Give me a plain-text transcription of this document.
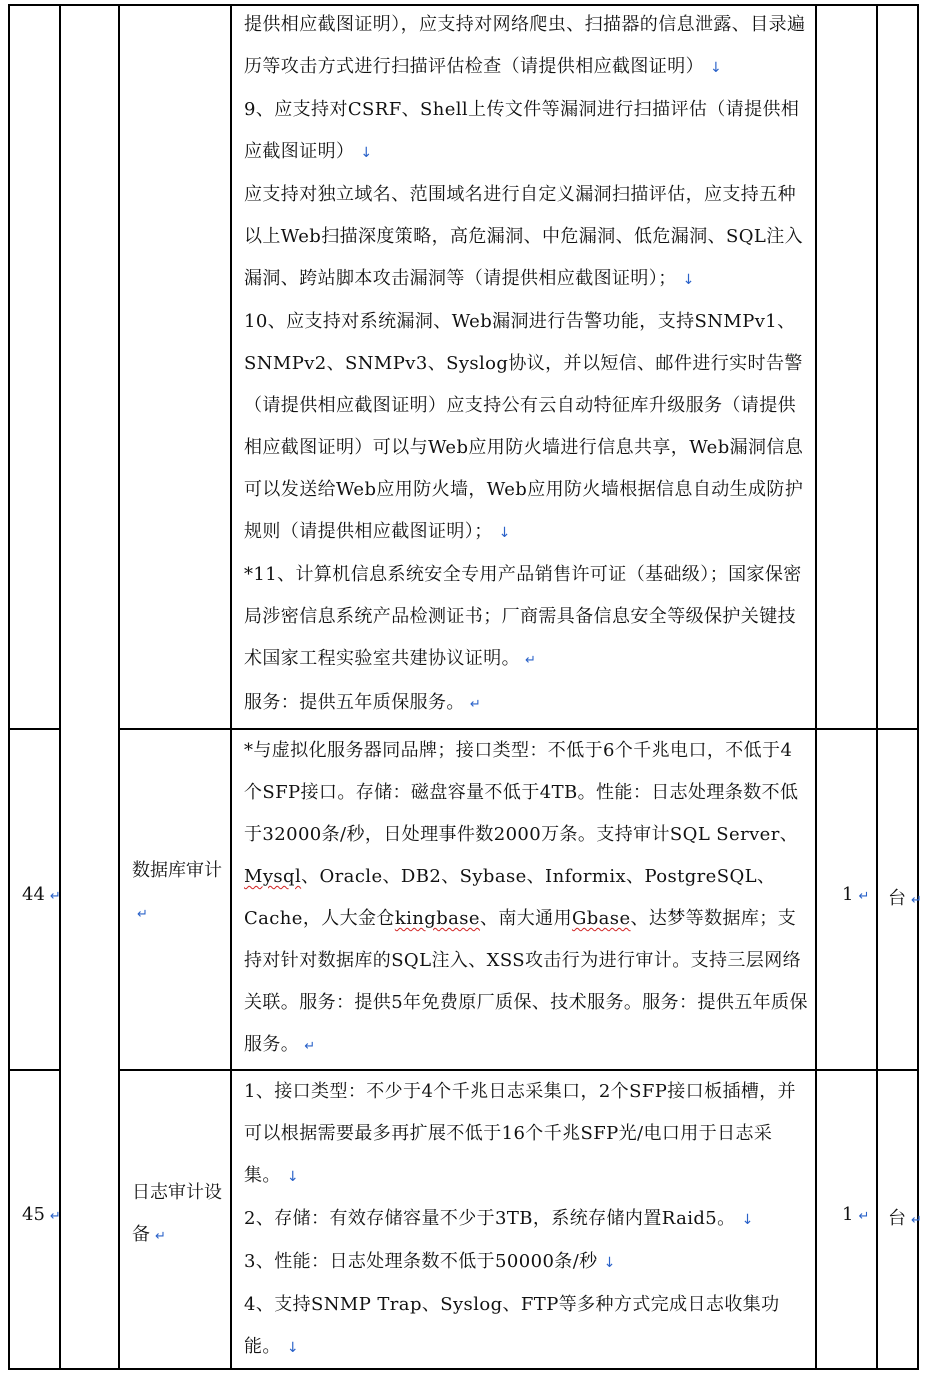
提供相应截图证明），应支持对网络爬虫、扫描器的信息泄露、目录遍历等攻击方式进行扫描评估检查（请提供相应截图证明） ↓
9、应支持对CSRF、Shell上传文件等漏洞进行扫描评估（请提供相应截图证明） ↓
应支持对独立域名、范围域名进行自定义漏洞扫描评估，应支持五种以上Web扫描深度策略，高危漏洞、中危漏洞、低危漏洞、SQL注入漏洞、跨站脚本攻击漏洞等（请提供相应截图证明）； ↓
10、应支持对系统漏洞、Web漏洞进行告警功能，支持SNMPv1、SNMPv2、SNMPv3、Syslog协议，并以短信、邮件进行实时告警（请提供相应截图证明）应支持公有云自动特征库升级服务（请提供相应截图证明）可以与Web应用防火墙进行信息共享，Web漏洞信息可以发送给Web应用防火墙，Web应用防火墙根据信息自动生成防护规则（请提供相应截图证明）； ↓
*11、计算机信息系统安全专用产品销售许可证（基础级）；国家保密局涉密信息系统产品检测证书；厂商需具备信息安全等级保护关键技术国家工程实验室共建协议证明。 ↵
服务：提供五年质保服务。 ↵
44 ↵
数据库审计↵
*与虚拟化服务器同品牌；接口类型：不低于6个千兆电口，不低于4个SFP接口。存储：磁盘容量不低于4TB。性能：日志处理条数不低于32000条/秒，日处理事件数2000万条。支持审计SQL Server、Mysql、Oracle、DB2、Sybase、Informix、PostgreSQL、Cache，人大金仓kingbase、南大通用Gbase、达梦等数据库；支持对针对数据库的SQL注入、XSS攻击行为进行审计。支持三层网络关联。服务：提供5年免费原厂质保、技术服务。服务：提供五年质保服务。 ↵
1 ↵ 台 ↵
45 ↵
日志审计设备 ↵
1、接口类型：不少于4个千兆日志采集口，2个SFP接口板插槽，并可以根据需要最多再扩展不低于16个千兆SFP光/电口用于日志采集。 ↓
2、存储：有效存储容量不少于3TB，系统存储内置Raid5。 ↓
3、性能：日志处理条数不低于50000条/秒 ↓
4、支持SNMP Trap、Syslog、FTP等多种方式完成日志收集功能。 ↓
1 ↵ 台 ↵
